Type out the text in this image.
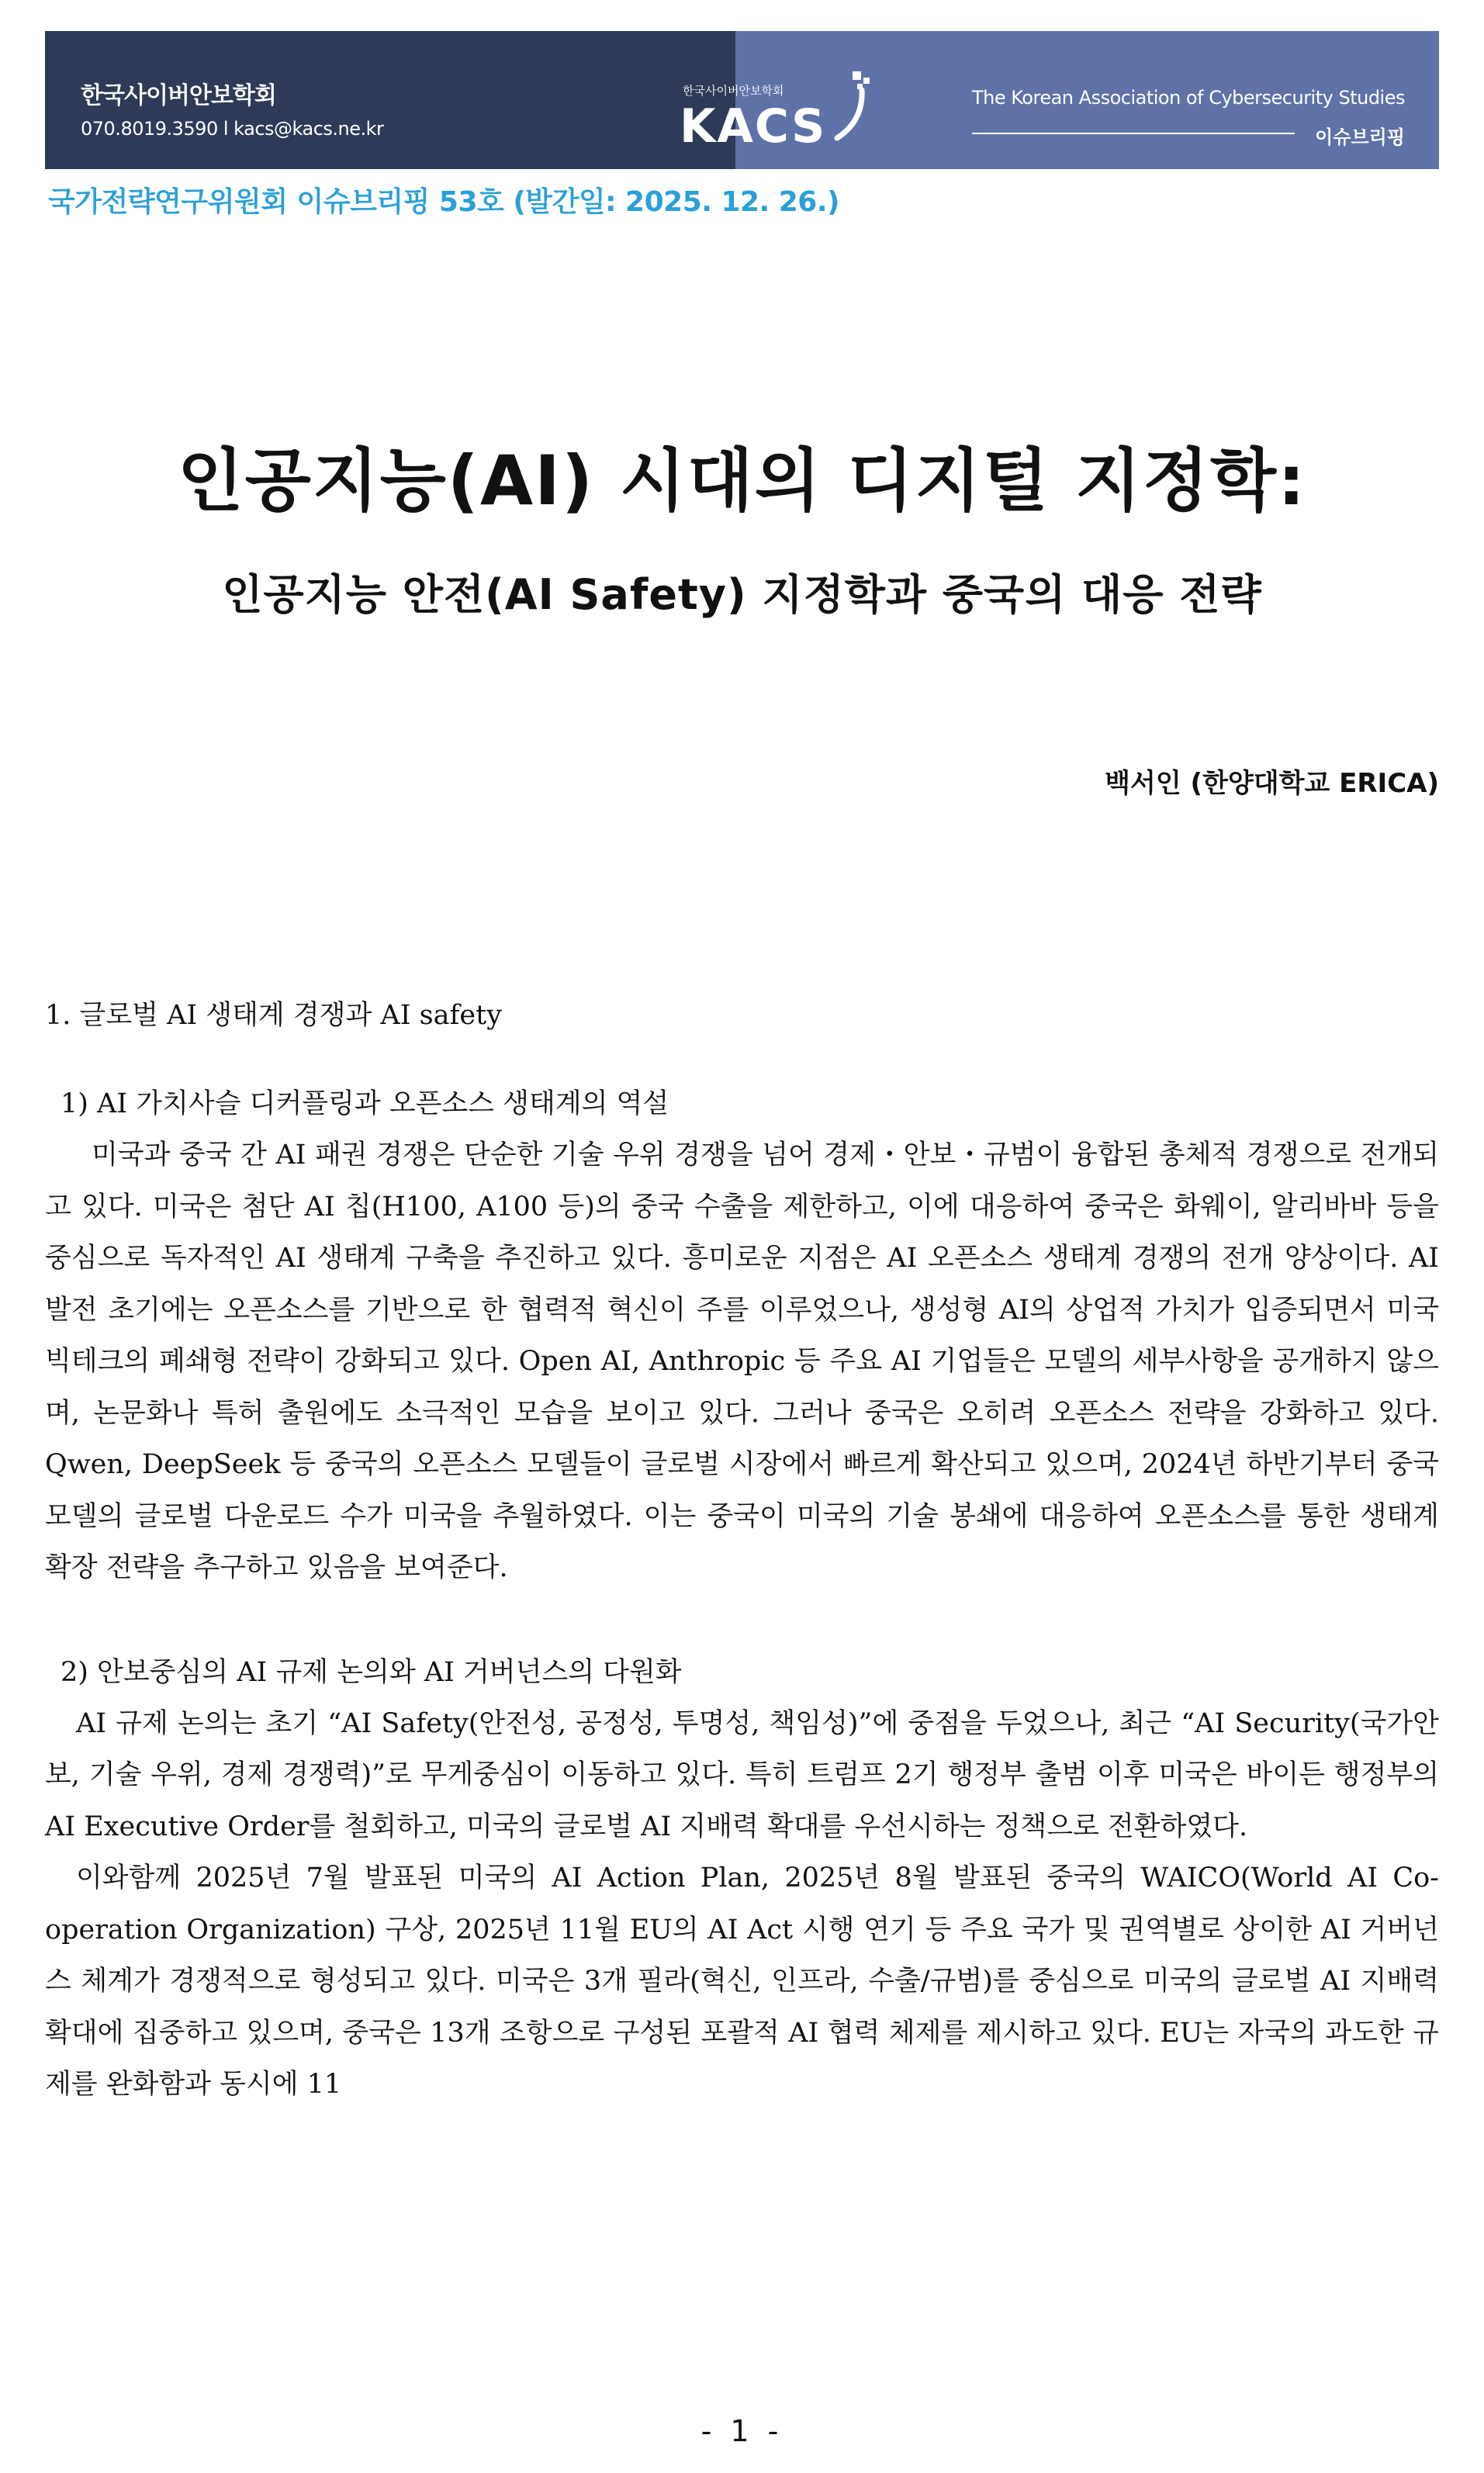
한국사이버안보학회
070.8019.3590 l kacs@kacs.ne.kr
The Korean Association of Cybersecurity Studies
이슈브리핑
한국사이버안보학회
KACS
국가전략연구위원회 이슈브리핑 53호 (발간일: 2025. 12. 26.)
인공지능(AI) 시대의 디지털 지정학:
인공지능 안전(AI Safety) 지정학과 중국의 대응 전략
백서인 (한양대학교 ERICA)
1. 글로벌 AI 생태계 경쟁과 AI safety
1) AI 가치사슬 디커플링과 오픈소스 생태계의 역설

미국과 중국 간 AI 패권 경쟁은 단순한 기술 우위 경쟁을 넘어 경제・안보・규범이 융합된 총체적 경쟁으로 전개되고 있다. 미국은 첨단 AI 칩(H100, A100 등)의 중국 수출을 제한하고, 이에 대응하여 중국은 화웨이, 알리바바 등을 중심으로 독자적인 AI 생태계 구축을 추진하고 있다. 흥미로운 지점은 AI 오픈소스 생태계 경쟁의 전개 양상이다. AI 발전 초기에는 오픈소스를 기반으로 한 협력적 혁신이 주를 이루었으나, 생성형 AI의 상업적 가치가 입증되면서 미국 빅테크의 폐쇄형 전략이 강화되고 있다. Open AI, Anthropic 등 주요 AI 기업들은 모델의 세부사항을 공개하지 않으며, 논문화나 특허 출원에도 소극적인 모습을 보이고 있다. 그러나 중국은 오히려 오픈소스 전략을 강화하고 있다. Qwen, DeepSeek 등 중국의 오픈소스 모델들이 글로벌 시장에서 빠르게 확산되고 있으며, 2024년 하반기부터 중국 모델의 글로벌 다운로드 수가 미국을 추월하였다. 이는 중국이 미국의 기술 봉쇄에 대응하여 오픈소스를 통한 생태계 확장 전략을 추구하고 있음을 보여준다.

2) 안보중심의 AI 규제 논의와 AI 거버넌스의 다원화

AI 규제 논의는 초기 “AI Safety(안전성, 공정성, 투명성, 책임성)”에 중점을 두었으나, 최근 “AI Security(국가안보, 기술 우위, 경제 경쟁력)”로 무게중심이 이동하고 있다. 특히 트럼프 2기 행정부 출범 이후 미국은 바이든 행정부의 AI Executive Order를 철회하고, 미국의 글로벌 AI 지배력 확대를 우선시하는 정책으로 전환하였다.

이와함께 2025년 7월 발표된 미국의 AI Action Plan, 2025년 8월 발표된 중국의 WAICO(World AI Co-operation Organization) 구상, 2025년 11월 EU의 AI Act 시행 연기 등 주요 국가 및 권역별로 상이한 AI 거버넌스 체계가 경쟁적으로 형성되고 있다. 미국은 3개 필라(혁신, 인프라, 수출/규범)를 중심으로 미국의 글로벌 AI 지배력 확대에 집중하고 있으며, 중국은 13개 조항으로 구성된 포괄적 AI 협력 체제를 제시하고 있다. EU는 자국의 과도한 규제를 완화함과 동시에 11

- 1 -
